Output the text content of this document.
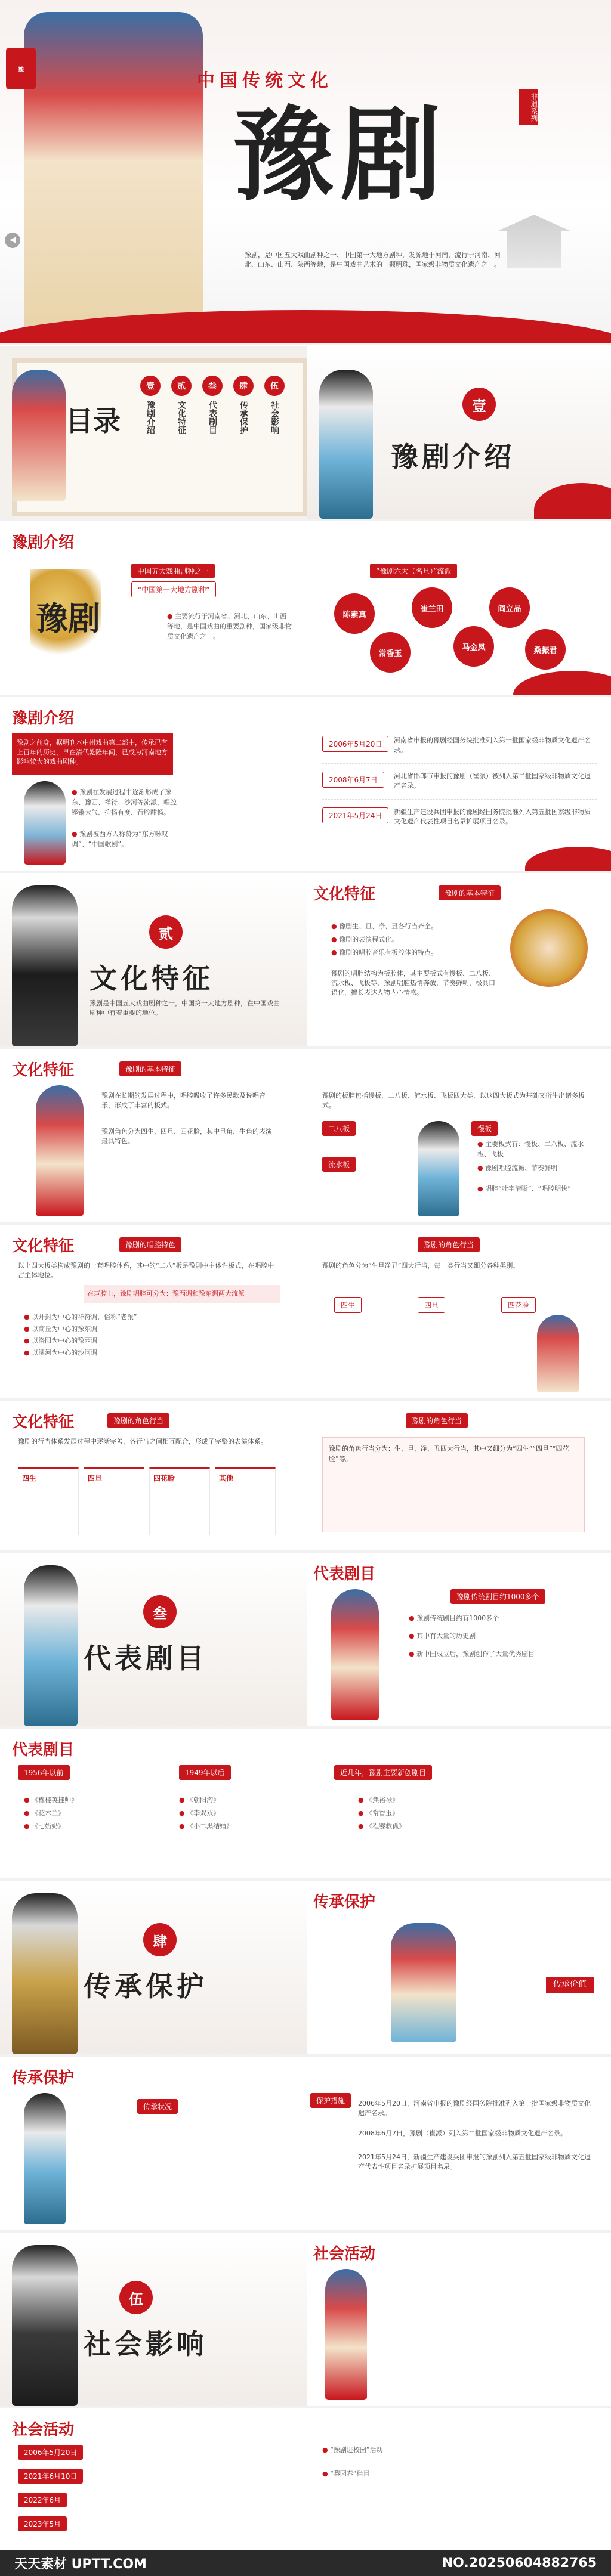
豫
中国传统文化
豫剧	非遗系列
豫剧，是中国五大戏曲剧种之一、中国第一大地方剧种，发源地于河南，流行于河南、河北、山东、山西、陕西等地，是中国戏曲艺术的一颗明珠，国家级非物质文化遗产之一。
◀
目录
壹
豫剧介绍
贰
文化特征
叁
代表剧目
肆
传承保护
伍
社会影响	壹
豫剧介绍
豫剧介绍
豫剧
中国五大戏曲剧种之一
“中国第一大地方剧种”
● 主要流行于河南省、河北、山东、山西等地，是中国戏曲的重要剧种，国家级非物质文化遗产之一。
“豫剧六大（名旦）”流派
陈素真
常香玉
崔兰田
马金凤
阎立品
桑振君
豫剧介绍
豫剧之前身，据明刊本中州戏曲第二部中，传承已有上百年的历史，早在清代乾隆年间，已成为河南地方影响较大的戏曲剧种。
● 豫剧在发展过程中逐渐形成了豫东、豫西、祥符、沙河等流派，唱腔铿锵大气、抑扬有度、行腔酣畅。
● 豫剧被西方人称赞为“东方咏叹调”、“中国歌剧”。
2006年5月20日	河南省申报的豫剧经国务院批准列入第一批国家级非物质文化遗产名录。
2008年6月7日	河北省邯郸市申报的豫剧（崔派）被列入第二批国家级非物质文化遗产名录。
2021年5月24日	新疆生产建设兵团申报的豫剧经国务院批准列入第五批国家级非物质文化遗产代表性项目名录扩展项目名录。
贰
文化特征
豫剧是中国五大戏曲剧种之一，中国第一大地方剧种，在中国戏曲剧种中有着重要的地位。
文化特征	豫剧的基本特征
● 豫剧生、旦、净、丑各行当齐全。
● 豫剧的表演程式化。
● 豫剧的唱腔音乐有板腔体的特点。
豫剧的唱腔结构为板腔体，其主要板式有慢板、二八板、流水板、飞板等，豫剧唱腔热情奔放，节奏鲜明，极具口语化，擅长表达人物内心情感。
文化特征	豫剧的基本特征
豫剧在长期的发展过程中，唱腔吸收了许多民歌及说唱音乐，形成了丰富的板式。
豫剧角色分为四生、四旦、四花脸，其中旦角、生角的表演最具特色。
豫剧的板腔包括慢板、二八板、流水板、飞板四大类，以这四大板式为基础又衍生出诸多板式。
二八板
流水板
慢板
● 主要板式有：慢板、二八板、流水板、飞板
● 豫剧唱腔流畅、节奏鲜明
● 唱腔“吐字清晰”、“唱腔明快”
文化特征	豫剧的唱腔特色	豫剧的角色行当
以上四大板类构成豫剧的一套唱腔体系，其中的“二八”板是豫剧中主体性板式，在唱腔中占主体地位。
在声腔上，豫剧唱腔可分为：豫西调和豫东调两大流派
● 以开封为中心的祥符调，俗称“老派”
● 以商丘为中心的豫东调
● 以洛阳为中心的豫西调
● 以漯河为中心的沙河调
豫剧的角色分为“生旦净丑”四大行当，每一类行当又细分各种类别。
四生	四旦	四花脸
文化特征	豫剧的角色行当	豫剧的角色行当
豫剧的行当体系发展过程中逐渐完善，各行当之间相互配合，形成了完整的表演体系。
四生	四旦	四花脸	其他
豫剧的角色行当分为：生、旦、净、丑四大行当，其中又细分为“四生”“四旦”“四花脸”等。
叁
代表剧目
代表剧目
豫剧传统剧目约1000多个
● 豫剧传统剧目约有1000多个
● 其中有大量的历史剧
● 新中国成立后，豫剧创作了大量优秀剧目
代表剧目
1956年以前	1949年以后
● 《穆桂英挂帅》
● 《花木兰》
● 《七奶奶》
● 《朝阳沟》
● 《李双双》
● 《小二黑结婚》
近几年，豫剧主要新创剧目
● 《焦裕禄》
● 《常香玉》
● 《程婴救孤》
肆
传承保护
传承保护
传承价值
传承保护
传承状况
保护措施	2006年5月20日，河南省申报的豫剧经国务院批准列入第一批国家级非物质文化遗产名录。
2008年6月7日，豫剧（崔派）列入第二批国家级非物质文化遗产名录。
2021年5月24日，新疆生产建设兵团申报的豫剧列入第五批国家级非物质文化遗产代表性项目名录扩展项目名录。
伍
社会影响
社会活动
社会活动
2006年5月20日
2021年6月10日
2022年6月
2023年5月
● “豫剧进校园”活动
● “梨园春”栏目
天天素材 UPTT.COM	NO.20250604882765
